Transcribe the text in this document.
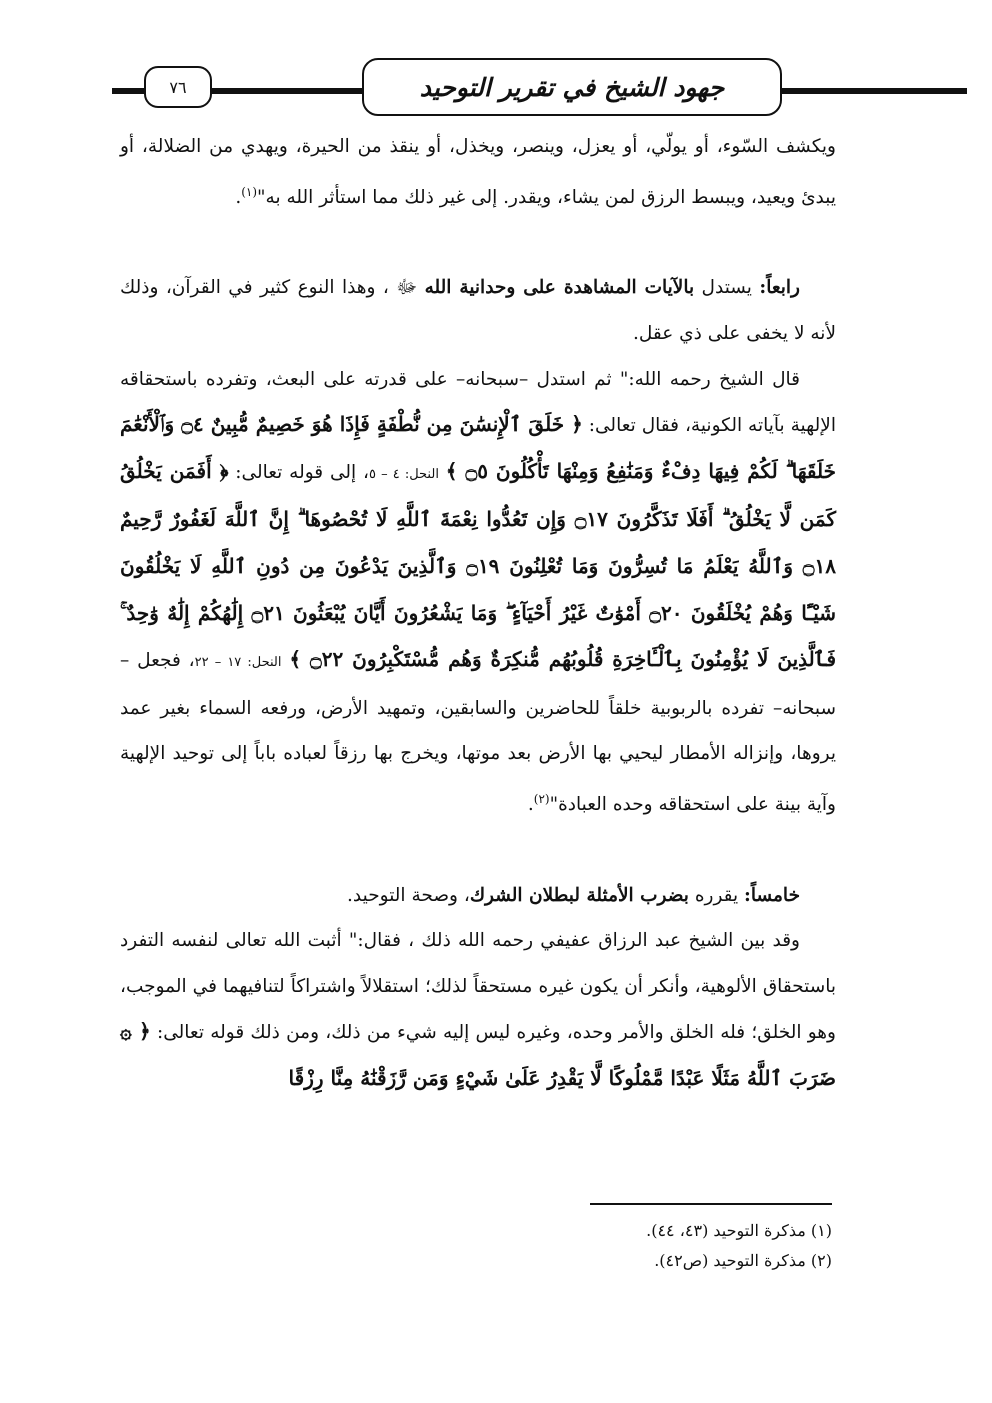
٧٦	جهود الشيخ في تقرير التوحيد

ويكشف السّوء، أو يولّي، أو يعزل، وينصر، ويخذل، أو ينقذ من الحيرة، ويهدي من الضلالة، أو يبدئ ويعيد، ويبسط الرزق لمن يشاء، ويقدر. إلى غير ذلك مما استأثر الله به"$^{(١)}$.

رابعاً: يستدل بالآيات المشاهدة على وحدانية الله ﷻ ، وهذا النوع كثير في القرآن، وذلك لأنه لا يخفى على ذي عقل.

قال الشيخ رحمه الله:" ثم استدل –سبحانه– على قدرته على البعث، وتفرده باستحقاقه الإلهية بآياته الكونية، فقال تعالى: ﴿ خَلَقَ ٱلْإِنسَٰنَ مِن نُّطْفَةٍ فَإِذَا هُوَ خَصِيمٌ مُّبِينٌ ۝٤ وَٱلْأَنْعَٰمَ خَلَقَهَا ۗ لَكُمْ فِيهَا دِفْءٌ وَمَنَٰفِعُ وَمِنْهَا تَأْكُلُونَ ۝٥ ﴾ النحل: ٤ – ٥، إلى قوله تعالى: ﴿ أَفَمَن يَخْلُقُ كَمَن لَّا يَخْلُقُ ۗ أَفَلَا تَذَكَّرُونَ ۝١٧ وَإِن تَعُدُّوا نِعْمَةَ ٱللَّهِ لَا تُحْصُوهَا ۗ إِنَّ ٱللَّهَ لَغَفُورٌ رَّحِيمٌ ۝١٨ وَٱللَّهُ يَعْلَمُ مَا تُسِرُّونَ وَمَا تُعْلِنُونَ ۝١٩ وَٱلَّذِينَ يَدْعُونَ مِن دُونِ ٱللَّهِ لَا يَخْلُقُونَ شَيْـًٔا وَهُمْ يُخْلَقُونَ ۝٢٠ أَمْوَٰتٌ غَيْرُ أَحْيَآءٍ ۖ وَمَا يَشْعُرُونَ أَيَّانَ يُبْعَثُونَ ۝٢١ إِلَٰهُكُمْ إِلَٰهٌ وَٰحِدٌ ۚ فَٱلَّذِينَ لَا يُؤْمِنُونَ بِٱلْـَٔاخِرَةِ قُلُوبُهُم مُّنكِرَةٌ وَهُم مُّسْتَكْبِرُونَ ۝٢٢ ﴾ النحل: ١٧ – ٢٢، فجعل –سبحانه– تفرده بالربوبية خلقاً للحاضرين والسابقين، وتمهيد الأرض، ورفعه السماء بغير عمد يروها، وإنزاله الأمطار ليحيي بها الأرض بعد موتها، ويخرج بها رزقاً لعباده باباً إلى توحيد الإلهية وآية بينة على استحقاقه وحده العبادة"$^{(٢)}$.

خامساً: يقرره بضرب الأمثلة لبطلان الشرك، وصحة التوحيد.

وقد بين الشيخ عبد الرزاق عفيفي رحمه الله ذلك ، فقال:" أثبت الله تعالى لنفسه التفرد باستحقاق الألوهية، وأنكر أن يكون غيره مستحقاً لذلك؛ استقلالاً واشتراكاً لتنافيهما في الموجب، وهو الخلق؛ فله الخلق والأمر وحده، وغيره ليس إليه شيء من ذلك، ومن ذلك قوله تعالى: ﴿ ۞ ضَرَبَ ٱللَّهُ مَثَلًا عَبْدًا مَّمْلُوكًا لَّا يَقْدِرُ عَلَىٰ شَيْءٍ وَمَن رَّزَقْنَٰهُ مِنَّا رِزْقًا

(١) مذكرة التوحيد (٤٣، ٤٤).

(٢) مذكرة التوحيد (ص٤٢).
